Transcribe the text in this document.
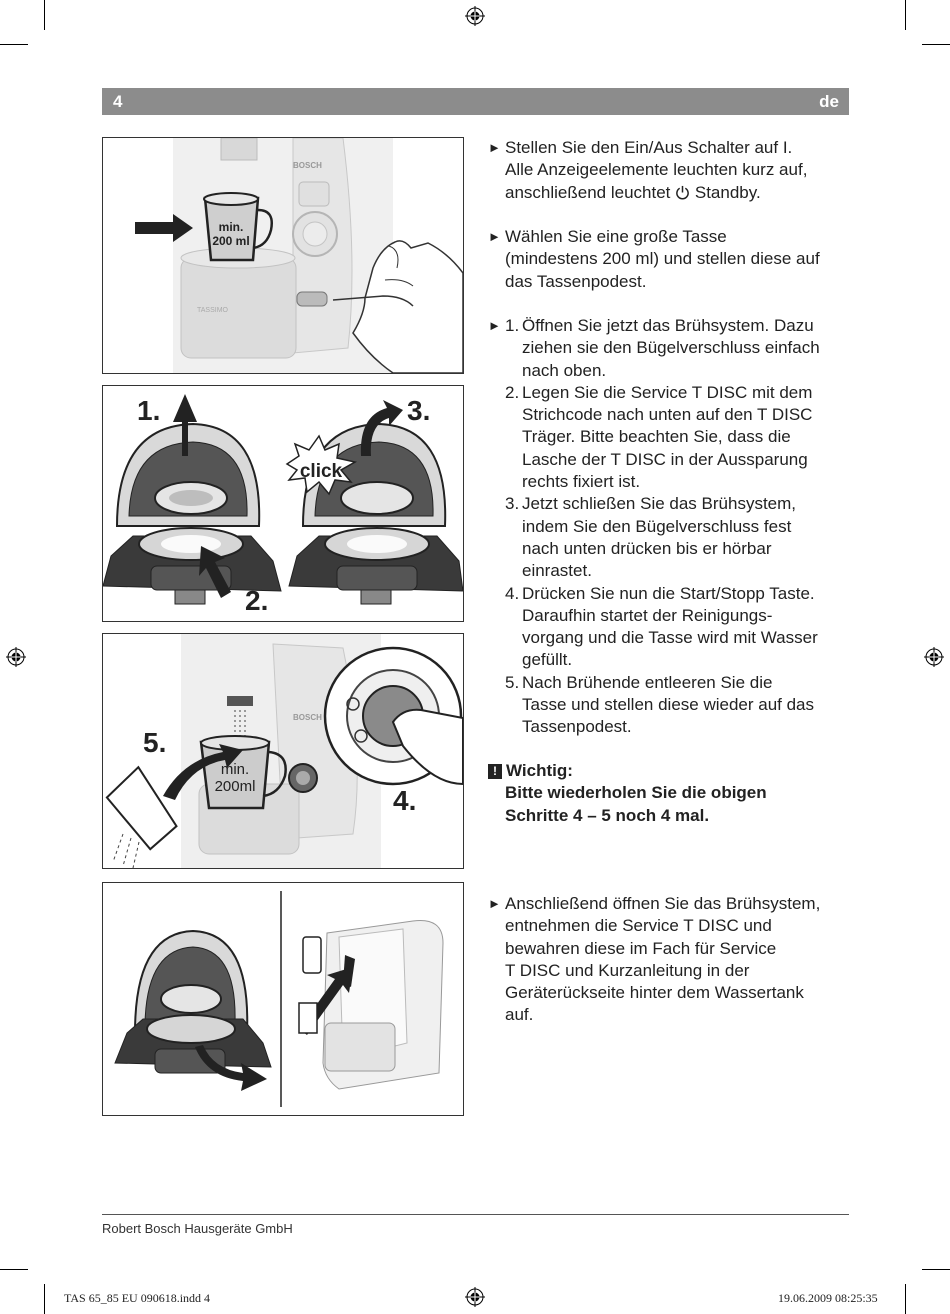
4	de
BOSCH
TASSIMO
min.
200 ml
1.
2.
3.
click
BOSCH
min.
200ml
5.
4.
► Stellen Sie den Ein/Aus Schalter auf I.
Alle Anzeigeelemente leuchten kurz auf,
anschließend leuchtet Standby.
► Wählen Sie eine große Tasse
(mindestens 200 ml) und stellen diese auf
das Tassenpodest.
► 1. Öffnen Sie jetzt das Brühsystem. Dazu
ziehen sie den Bügelverschluss einfach
nach oben.
2. Legen Sie die Service T DISC mit dem
Strichcode nach unten auf den T DISC
Träger. Bitte beachten Sie, dass die
Lasche der T DISC in der Aussparung
rechts fixiert ist.
3. Jetzt schließen Sie das Brühsystem,
indem Sie den Bügelverschluss fest
nach unten drücken bis er hörbar
einrastet.
4. Drücken Sie nun die Start/Stopp Taste.
Daraufhin startet der Reinigungs-
vorgang und die Tasse wird mit Wasser
gefüllt.
5. Nach Brühende entleeren Sie die
Tasse und stellen diese wieder auf das
Tassenpodest.
! Wichtig:
Bitte wiederholen Sie die obigen
Schritte 4 – 5 noch 4 mal.
► Anschließend öffnen Sie das Brühsystem,
entnehmen die Service T DISC und
bewahren diese im Fach für Service
T DISC und Kurzanleitung in der
Geräterückseite hinter dem Wassertank
auf.
Robert Bosch Hausgeräte GmbH
TAS 65_85 EU 090618.indd 4	19.06.2009 08:25:35
